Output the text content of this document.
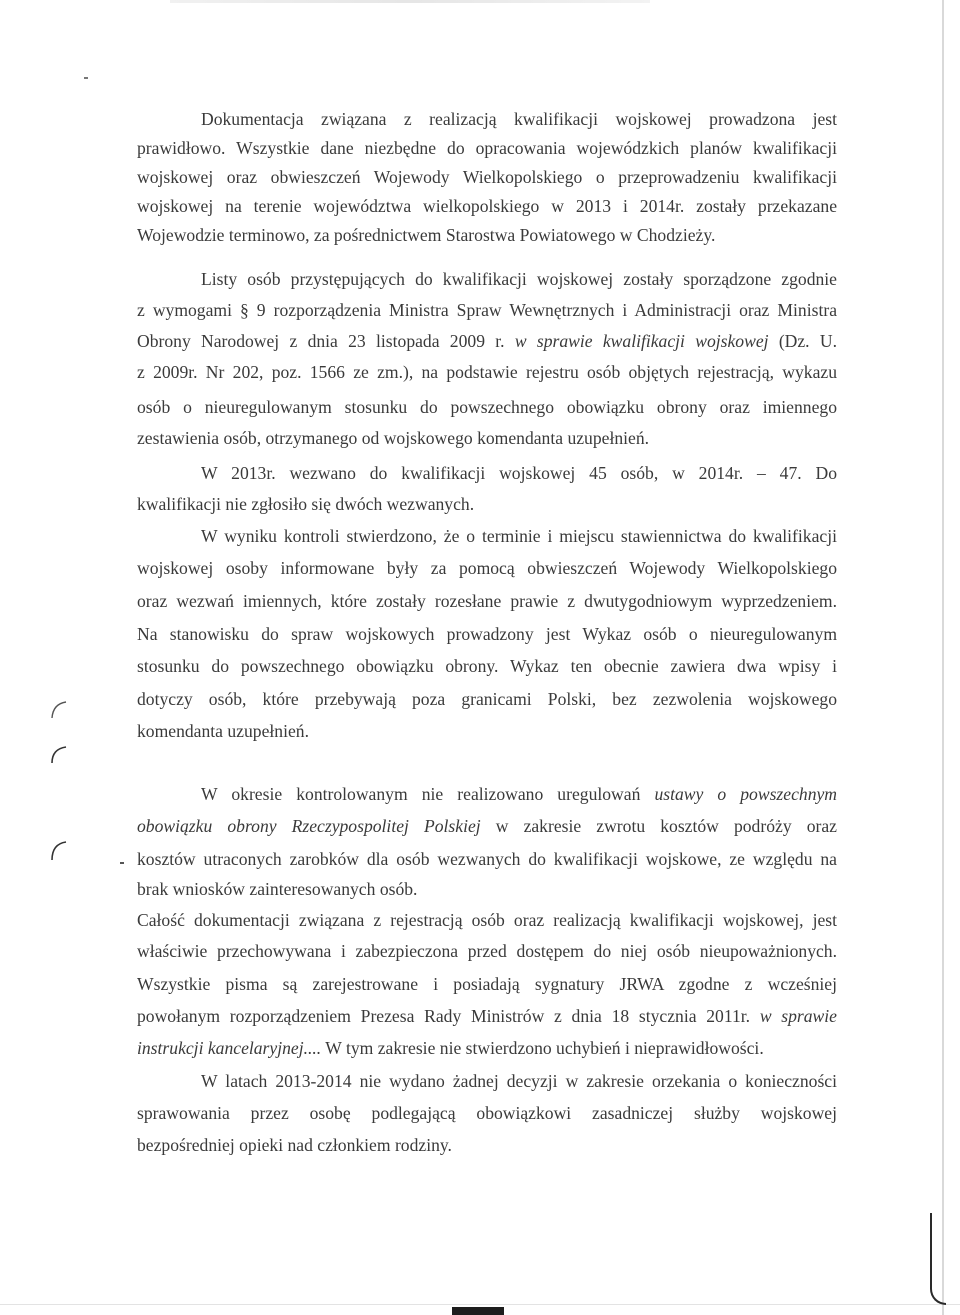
Dokumentacja związana z realizacją kwalifikacji wojskowej prowadzona jest
prawidłowo. Wszystkie dane niezbędne do opracowania wojewódzkich planów kwalifikacji
wojskowej oraz obwieszczeń Wojewody Wielkopolskiego o przeprowadzeniu kwalifikacji
wojskowej na terenie województwa wielkopolskiego w 2013 i 2014r. zostały przekazane
Wojewodzie terminowo, za pośrednictwem Starostwa Powiatowego w Chodzieży.
Listy osób przystępujących do kwalifikacji wojskowej zostały sporządzone zgodnie
z wymogami § 9 rozporządzenia Ministra Spraw Wewnętrznych i Administracji oraz Ministra
Obrony Narodowej z dnia 23 listopada 2009 r. w sprawie kwalifikacji wojskowej (Dz. U.
z 2009r. Nr 202, poz. 1566 ze zm.), na podstawie rejestru osób objętych rejestracją, wykazu
osób o nieuregulowanym stosunku do powszechnego obowiązku obrony oraz imiennego
zestawienia osób, otrzymanego od wojskowego komendanta uzupełnień.
W 2013r. wezwano do kwalifikacji wojskowej 45 osób, w 2014r. – 47. Do
kwalifikacji nie zgłosiło się dwóch wezwanych.
W wyniku kontroli stwierdzono, że o terminie i miejscu stawiennictwa do kwalifikacji
wojskowej osoby informowane były za pomocą obwieszczeń Wojewody Wielkopolskiego
oraz wezwań imiennych, które zostały rozesłane prawie z dwutygodniowym wyprzedzeniem.
Na stanowisku do spraw wojskowych prowadzony jest Wykaz osób o nieuregulowanym
stosunku do powszechnego obowiązku obrony. Wykaz ten obecnie zawiera dwa wpisy i
dotyczy osób, które przebywają poza granicami Polski, bez zezwolenia wojskowego
komendanta uzupełnień.
W okresie kontrolowanym nie realizowano uregulowań ustawy o powszechnym
obowiązku obrony Rzeczypospolitej Polskiej w zakresie zwrotu kosztów podróży oraz
kosztów utraconych zarobków dla osób wezwanych do kwalifikacji wojskowe, ze względu na
brak wniosków zainteresowanych osób.
Całość dokumentacji związana z rejestracją osób oraz realizacją kwalifikacji wojskowej, jest
właściwie przechowywana i zabezpieczona przed dostępem do niej osób nieupoważnionych.
Wszystkie pisma są zarejestrowane i posiadają sygnatury JRWA zgodne z wcześniej
powołanym rozporządzeniem Prezesa Rady Ministrów z dnia 18 stycznia 2011r. w sprawie
instrukcji kancelaryjnej.... W tym zakresie nie stwierdzono uchybień i nieprawidłowości.
W latach 2013-2014 nie wydano żadnej decyzji w zakresie orzekania o konieczności
sprawowania przez osobę podlegającą obowiązkowi zasadniczej służby wojskowej
bezpośredniej opieki nad członkiem rodziny.
